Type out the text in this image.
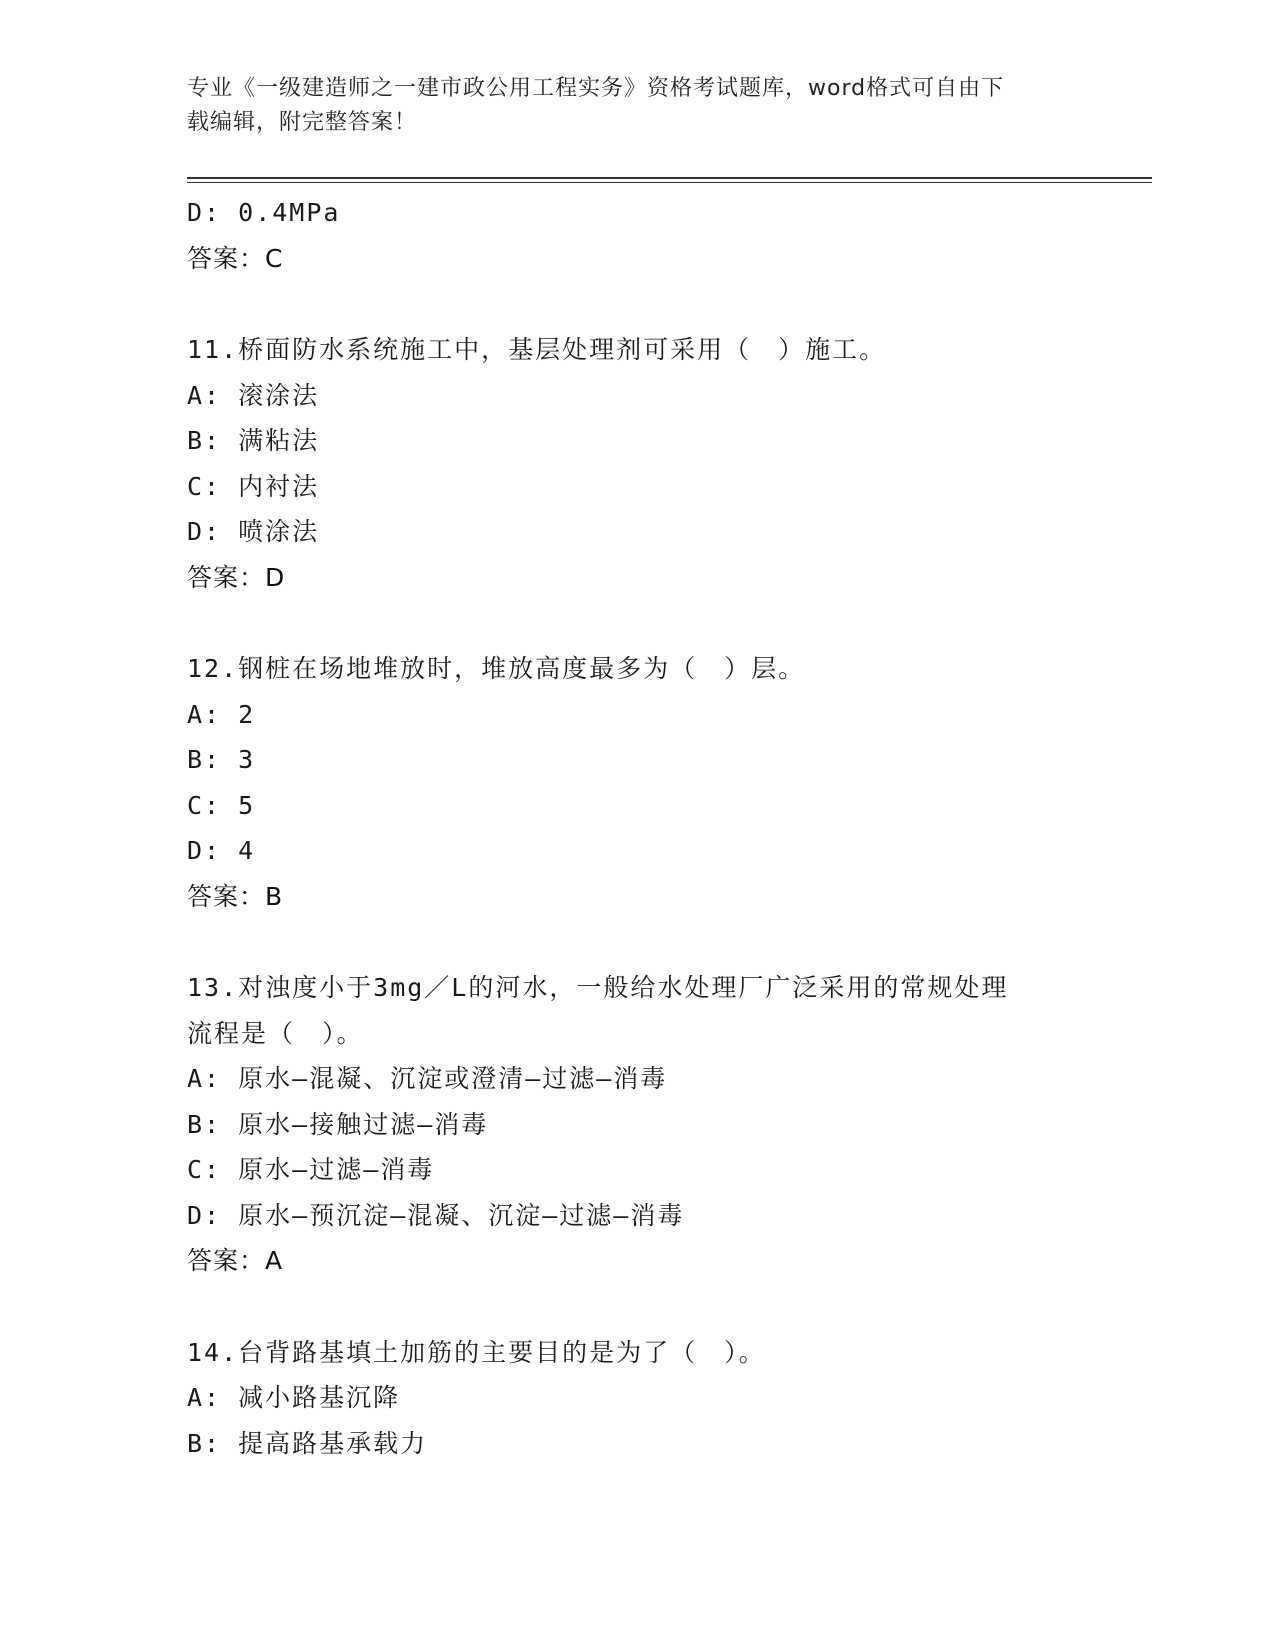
专业《一级建造师之一建市政公用工程实务》资格考试题库，word格式可自由下
载编辑，附完整答案！
D: 0.4MPa
答案：C
11.桥面防水系统施工中，基层处理剂可采用（　）施工。
A: 滚涂法
B: 满粘法
C: 内衬法
D: 喷涂法
答案：D
12.钢桩在场地堆放时，堆放高度最多为（　）层。
A: 2
B: 3
C: 5
D: 4
答案：B
13.对浊度小于3mg／L的河水，一般给水处理厂广泛采用的常规处理
流程是（　）。
A: 原水—混凝、沉淀或澄清—过滤—消毒
B: 原水—接触过滤—消毒
C: 原水—过滤—消毒
D: 原水—预沉淀—混凝、沉淀—过滤—消毒
答案：A
14.台背路基填土加筋的主要目的是为了（　）。
A: 减小路基沉降
B: 提高路基承载力
